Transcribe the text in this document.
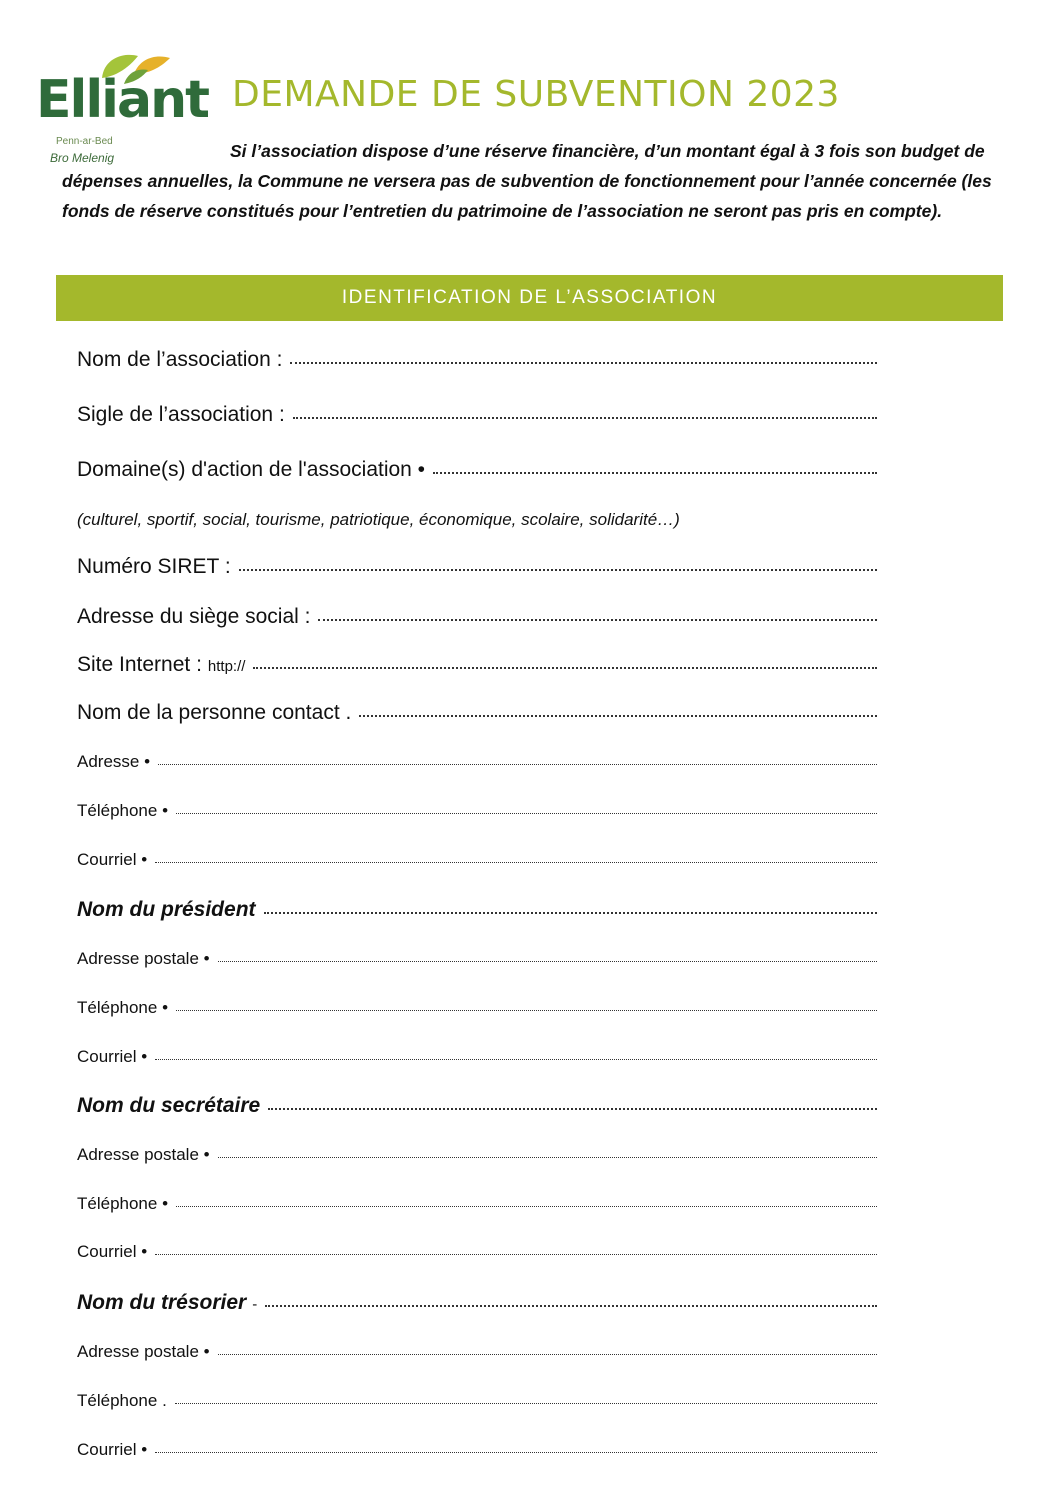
Elliant
Penn-ar-Bed
Bro Melenig
DEMANDE DE SUBVENTION 2023
Si l’association dispose d’une réserve financière, d’un montant égal à 3 fois son budget de dépenses annuelles, la Commune ne versera pas de subvention de fonctionnement pour l’année concernée (les fonds de réserve constitués pour l’entretien du patrimoine de l’association ne seront pas pris en compte).
IDENTIFICATION DE L’ASSOCIATION
Nom de l’association :
Sigle de l’association :
Domaine(s) d'action de l'association •
(culturel, sportif, social, tourisme, patriotique, économique, scolaire, solidarité…)
Numéro SIRET :
Adresse du siège social :
Site Internet : http://
Nom de la personne contact .
Adresse •
Téléphone •
Courriel •
Nom du président
Adresse postale •
Téléphone •
Courriel •
Nom du secrétaire
Adresse postale •
Téléphone •
Courriel •
Nom du trésorier -
Adresse postale •
Téléphone .
Courriel •
